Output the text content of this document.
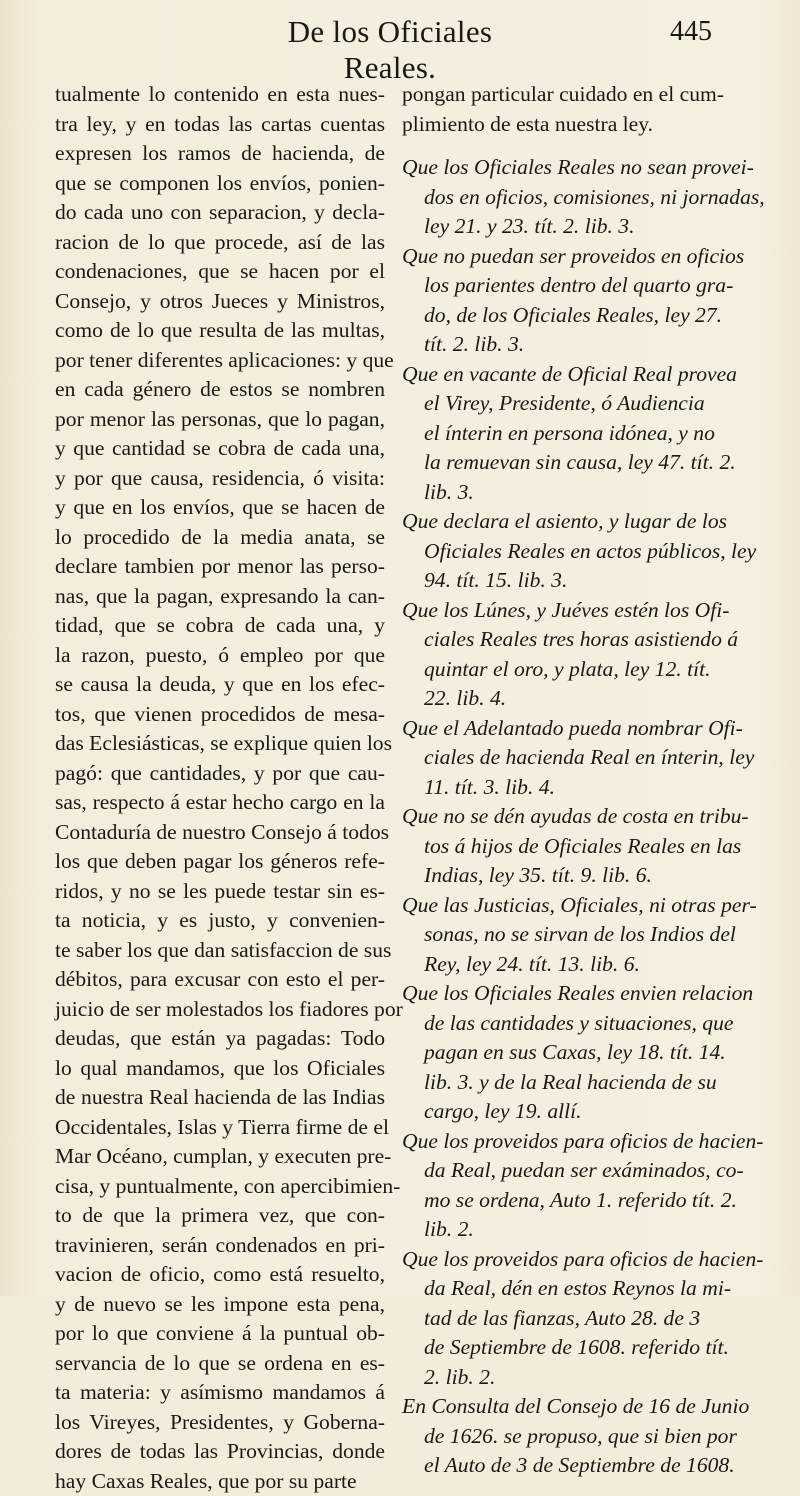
De los Oficiales Reales.
445
tualmente lo contenido en esta nues-
tra ley, y en todas las cartas cuentas
expresen los ramos de hacienda, de
que se componen los envíos, ponien-
do cada uno con separacion, y decla-
racion de lo que procede, así de las
condenaciones, que se hacen por el
Consejo, y otros Jueces y Ministros,
como de lo que resulta de las multas,
por tener diferentes aplicaciones: y que
en cada género de estos se nombren
por menor las personas, que lo pagan,
y que cantidad se cobra de cada una,
y por que causa, residencia, ó visita:
y que en los envíos, que se hacen de
lo procedido de la media anata, se
declare tambien por menor las perso-
nas, que la pagan, expresando la can-
tidad, que se cobra de cada una, y
la razon, puesto, ó empleo por que
se causa la deuda, y que en los efec-
tos, que vienen procedidos de mesa-
das Eclesiásticas, se explique quien los
pagó: que cantidades, y por que cau-
sas, respecto á estar hecho cargo en la
Contaduría de nuestro Consejo á todos
los que deben pagar los géneros refe-
ridos, y no se les puede testar sin es-
ta noticia, y es justo, y convenien-
te saber los que dan satisfaccion de sus
débitos, para excusar con esto el per-
juicio de ser molestados los fiadores por
deudas, que están ya pagadas: Todo
lo qual mandamos, que los Oficiales
de nuestra Real hacienda de las Indias
Occidentales, Islas y Tierra firme de el
Mar Océano, cumplan, y executen pre-
cisa, y puntualmente, con apercibimien-
to de que la primera vez, que con-
travinieren, serán condenados en pri-
vacion de oficio, como está resuelto,
y de nuevo se les impone esta pena,
por lo que conviene á la puntual ob-
servancia de lo que se ordena en es-
ta materia: y asímismo mandamos á
los Vireyes, Presidentes, y Goberna-
dores de todas las Provincias, donde
hay Caxas Reales, que por su parte
pongan particular cuidado en el cum-
plimiento de esta nuestra ley.
Que los Oficiales Reales no sean provei-
dos en oficios, comisiones, ni jornadas,
ley 21. y 23. tít. 2. lib. 3.
Que no puedan ser proveidos en oficios
los parientes dentro del quarto gra-
do, de los Oficiales Reales, ley 27.
tít. 2. lib. 3.
Que en vacante de Oficial Real provea
el Virey, Presidente, ó Audiencia
el ínterin en persona idónea, y no
la remuevan sin causa, ley 47. tít. 2.
lib. 3.
Que declara el asiento, y lugar de los
Oficiales Reales en actos públicos, ley
94. tít. 15. lib. 3.
Que los Lúnes, y Juéves estén los Ofi-
ciales Reales tres horas asistiendo á
quintar el oro, y plata, ley 12. tít.
22. lib. 4.
Que el Adelantado pueda nombrar Ofi-
ciales de hacienda Real en ínterin, ley
11. tít. 3. lib. 4.
Que no se dén ayudas de costa en tribu-
tos á hijos de Oficiales Reales en las
Indias, ley 35. tít. 9. lib. 6.
Que las Justicias, Oficiales, ni otras per-
sonas, no se sirvan de los Indios del
Rey, ley 24. tít. 13. lib. 6.
Que los Oficiales Reales envien relacion
de las cantidades y situaciones, que
pagan en sus Caxas, ley 18. tít. 14.
lib. 3. y de la Real hacienda de su
cargo, ley 19. allí.
Que los proveidos para oficios de hacien-
da Real, puedan ser exáminados, co-
mo se ordena, Auto 1. referido tít. 2.
lib. 2.
Que los proveidos para oficios de hacien-
da Real, dén en estos Reynos la mi-
tad de las fianzas, Auto 28. de 3
de Septiembre de 1608. referido tít.
2. lib. 2.
En Consulta del Consejo de 16 de Junio
de 1626. se propuso, que si bien por
el Auto de 3 de Septiembre de 1608.
